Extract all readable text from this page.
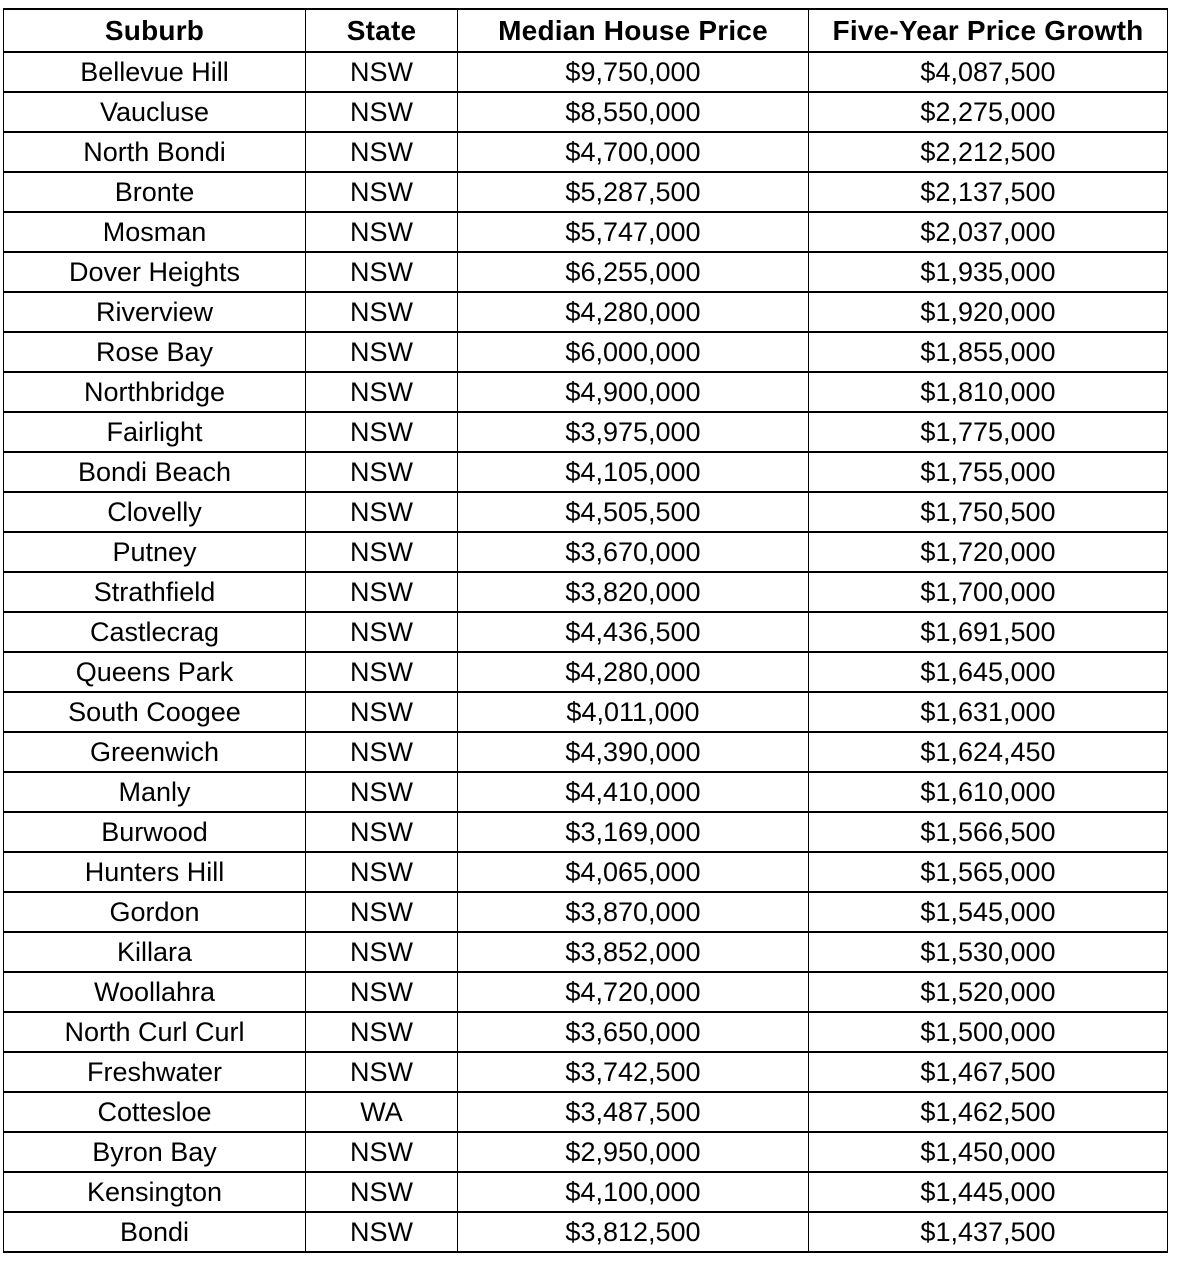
Suburb	State	Median House Price	Five-Year Price Growth
Bellevue Hill	NSW	$9,750,000	$4,087,500
Vaucluse	NSW	$8,550,000	$2,275,000
North Bondi	NSW	$4,700,000	$2,212,500
Bronte	NSW	$5,287,500	$2,137,500
Mosman	NSW	$5,747,000	$2,037,000
Dover Heights	NSW	$6,255,000	$1,935,000
Riverview	NSW	$4,280,000	$1,920,000
Rose Bay	NSW	$6,000,000	$1,855,000
Northbridge	NSW	$4,900,000	$1,810,000
Fairlight	NSW	$3,975,000	$1,775,000
Bondi Beach	NSW	$4,105,000	$1,755,000
Clovelly	NSW	$4,505,500	$1,750,500
Putney	NSW	$3,670,000	$1,720,000
Strathfield	NSW	$3,820,000	$1,700,000
Castlecrag	NSW	$4,436,500	$1,691,500
Queens Park	NSW	$4,280,000	$1,645,000
South Coogee	NSW	$4,011,000	$1,631,000
Greenwich	NSW	$4,390,000	$1,624,450
Manly	NSW	$4,410,000	$1,610,000
Burwood	NSW	$3,169,000	$1,566,500
Hunters Hill	NSW	$4,065,000	$1,565,000
Gordon	NSW	$3,870,000	$1,545,000
Killara	NSW	$3,852,000	$1,530,000
Woollahra	NSW	$4,720,000	$1,520,000
North Curl Curl	NSW	$3,650,000	$1,500,000
Freshwater	NSW	$3,742,500	$1,467,500
Cottesloe	WA	$3,487,500	$1,462,500
Byron Bay	NSW	$2,950,000	$1,450,000
Kensington	NSW	$4,100,000	$1,445,000
Bondi	NSW	$3,812,500	$1,437,500
